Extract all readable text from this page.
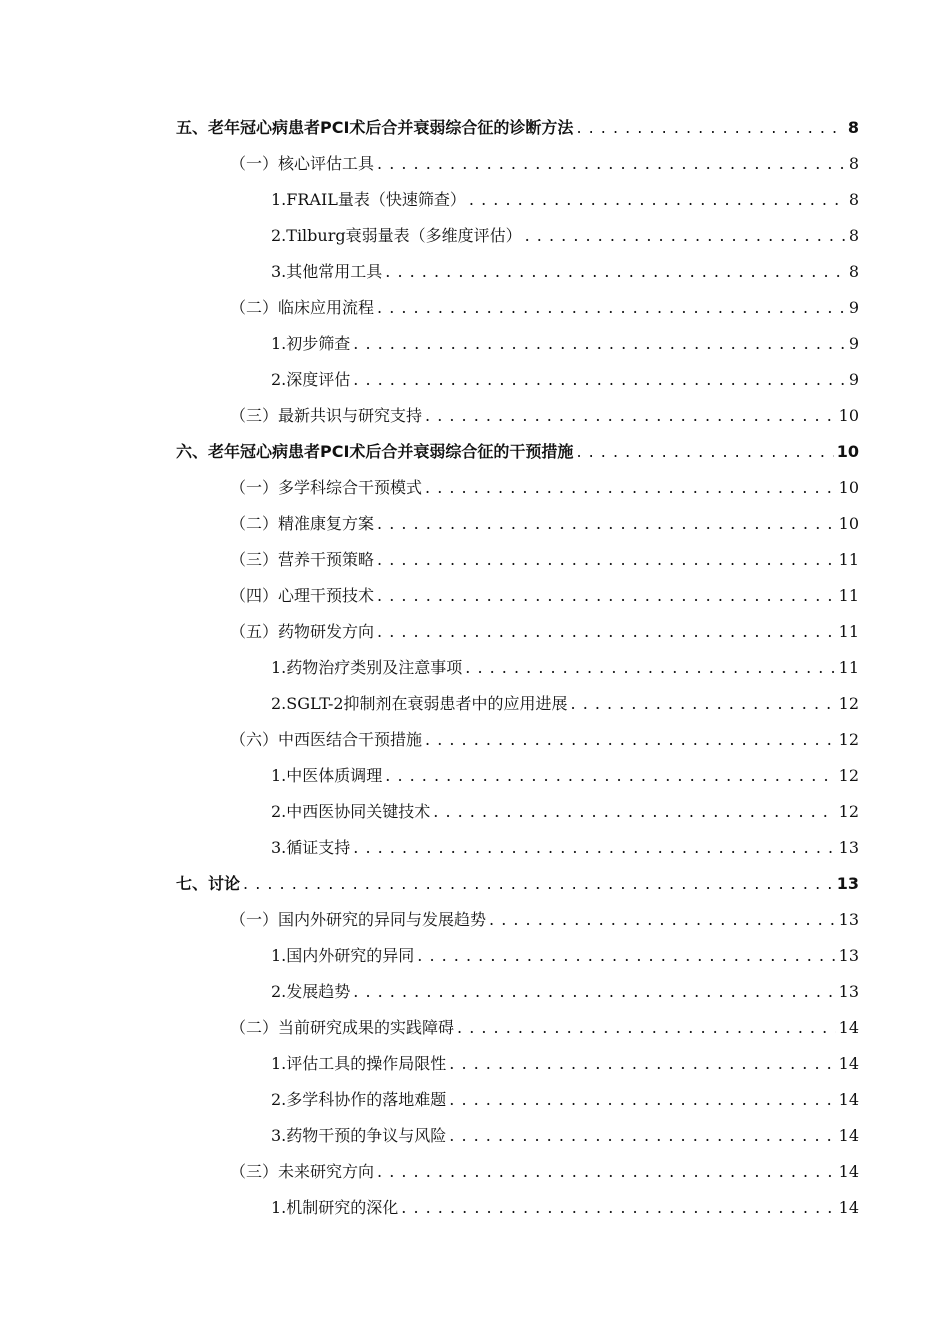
五、老年冠心病患者PCI术后合并衰弱综合征的诊断方法 . . .	8
（一）核心评估工具 . . .	8
1.FRAIL量表（快速筛查） . . .	8
2.Tilburg衰弱量表（多维度评估） . . .	8
3.其他常用工具 . . .	8
（二）临床应用流程 . . .	9
1.初步筛查 . . .	9
2.深度评估 . . .	9
（三）最新共识与研究支持 . . .	10
六、老年冠心病患者PCI术后合并衰弱综合征的干预措施 . . .	10
（一）多学科综合干预模式 . . .	10
（二）精准康复方案 . . .	10
（三）营养干预策略 . . .	11
（四）心理干预技术 . . .	11
（五）药物研发方向 . . .	11
1.药物治疗类别及注意事项 . . .	11
2.SGLT-2抑制剂在衰弱患者中的应用进展 . . .	12
（六）中西医结合干预措施 . . .	12
1.中医体质调理 . . .	12
2.中西医协同关键技术 . . .	12
3.循证支持 . . .	13
七、讨论 . . .	13
（一）国内外研究的异同与发展趋势 . . .	13
1.国内外研究的异同 . . .	13
2.发展趋势 . . .	13
（二）当前研究成果的实践障碍 . . .	14
1.评估工具的操作局限性 . . .	14
2.多学科协作的落地难题 . . .	14
3.药物干预的争议与风险 . . .	14
（三）未来研究方向 . . .	14
1.机制研究的深化 . . .	14
